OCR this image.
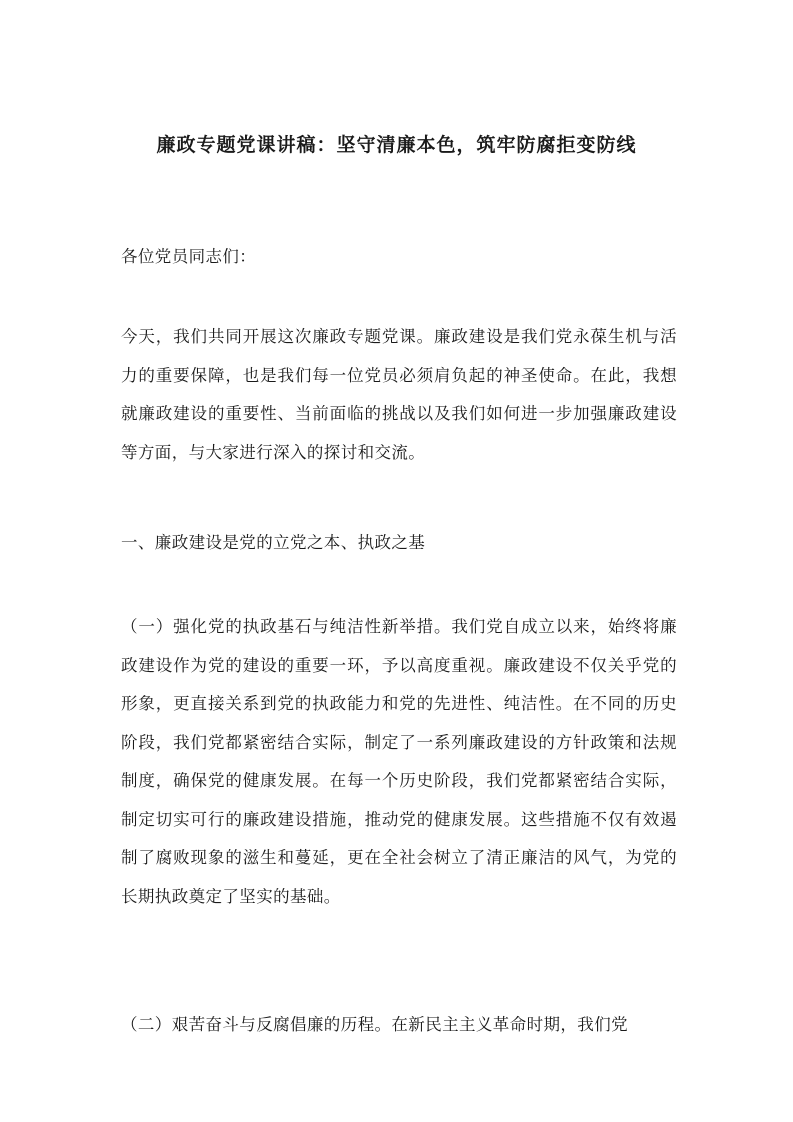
廉政专题党课讲稿：坚守清廉本色，筑牢防腐拒变防线

各位党员同志们：

今天，我们共同开展这次廉政专题党课。廉政建设是我们党永葆生机与活力的重要保障，也是我们每一位党员必须肩负起的神圣使命。在此，我想就廉政建设的重要性、当前面临的挑战以及我们如何进一步加强廉政建设等方面，与大家进行深入的探讨和交流。

一、廉政建设是党的立党之本、执政之基

（一）强化党的执政基石与纯洁性新举措。我们党自成立以来，始终将廉政建设作为党的建设的重要一环，予以高度重视。廉政建设不仅关乎党的形象，更直接关系到党的执政能力和党的先进性、纯洁性。在不同的历史阶段，我们党都紧密结合实际，制定了一系列廉政建设的方针政策和法规制度，确保党的健康发展。在每一个历史阶段，我们党都紧密结合实际，制定切实可行的廉政建设措施，推动党的健康发展。这些措施不仅有效遏制了腐败现象的滋生和蔓延，更在全社会树立了清正廉洁的风气，为党的长期执政奠定了坚实的基础。

（二）艰苦奋斗与反腐倡廉的历程。在新民主主义革命时期，我们党
